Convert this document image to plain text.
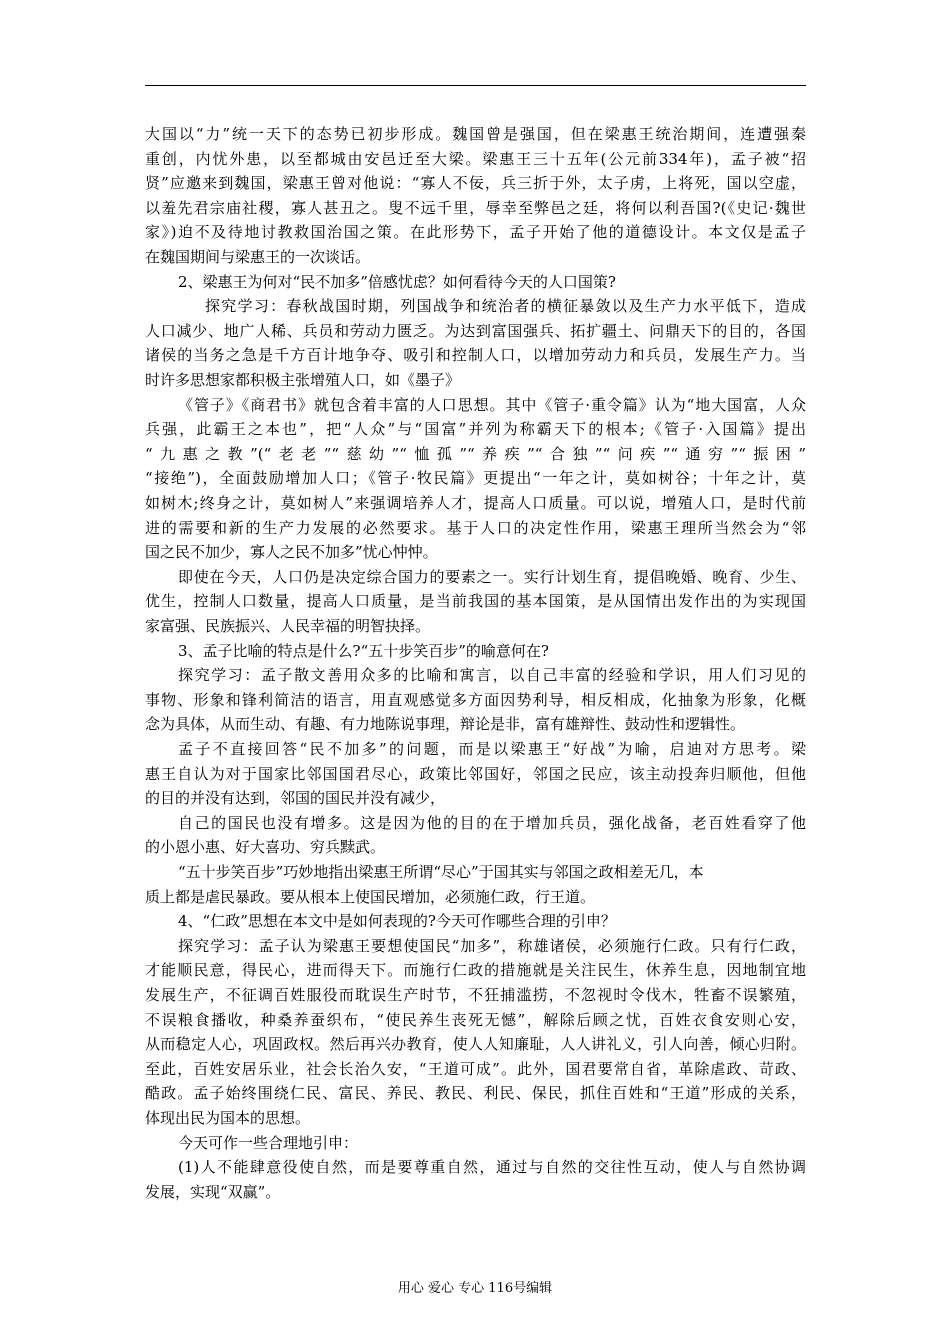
大国以“力”统一天下的态势已初步形成。魏国曾是强国，但在梁惠王统治期间，连遭强秦
重创，内忧外患，以至都城由安邑迁至大梁。梁惠王三十五年(公元前334年)，孟子被“招
贤”应邀来到魏国，梁惠王曾对他说：“寡人不佞，兵三折于外，太子虏，上将死，国以空虚，
以羞先君宗庙社稷，寡人甚丑之。叟不远千里，辱幸至弊邑之廷，将何以利吾国?(《史记·魏世
家》)迫不及待地讨教救国治国之策。在此形势下，孟子开始了他的道德设计。本文仅是孟子
在魏国期间与梁惠王的一次谈话。
2、梁惠王为何对“民不加多”倍感忧虑？如何看待今天的人口国策?
探究学习：春秋战国时期，列国战争和统治者的横征暴敛以及生产力水平低下，造成
人口减少、地广人稀、兵员和劳动力匮乏。为达到富国强兵、拓扩疆土、问鼎天下的目的，各国
诸侯的当务之急是千方百计地争夺、吸引和控制人口，以增加劳动力和兵员，发展生产力。当
时许多思想家都积极主张增殖人口，如《墨子》
《管子》《商君书》就包含着丰富的人口思想。其中《管子·重令篇》认为“地大国富，人众
兵强，此霸王之本也”，把“人众”与“国富”并列为称霸天下的根本;《管子·入国篇》提出
“九惠之教”(“老老”“慈幼”“恤孤”“养疾”“合独”“问疾”“通穷”“振困”
“接绝”)，全面鼓励增加人口；《管子·牧民篇》更提出“一年之计，莫如树谷；十年之计，莫
如树木;终身之计，莫如树人”来强调培养人才，提高人口质量。可以说，增殖人口，是时代前
进的需要和新的生产力发展的必然要求。基于人口的决定性作用，梁惠王理所当然会为“邻
国之民不加少，寡人之民不加多”忧心忡忡。
即使在今天，人口仍是决定综合国力的要素之一。实行计划生育，提倡晚婚、晚育、少生、
优生，控制人口数量，提高人口质量，是当前我国的基本国策，是从国情出发作出的为实现国
家富强、民族振兴、人民幸福的明智抉择。
3、孟子比喻的特点是什么?“五十步笑百步”的喻意何在?
探究学习：孟子散文善用众多的比喻和寓言，以自己丰富的经验和学识，用人们习见的
事物、形象和锋利简洁的语言，用直观感觉多方面因势利导，相反相成，化抽象为形象，化概
念为具体，从而生动、有趣、有力地陈说事理，辩论是非，富有雄辩性、鼓动性和逻辑性。
孟子不直接回答“民不加多”的问题，而是以梁惠王“好战”为喻，启迪对方思考。梁
惠王自认为对于国家比邻国国君尽心，政策比邻国好，邻国之民应，该主动投奔归顺他，但他
的目的并没有达到，邻国的国民并没有减少，
自己的国民也没有增多。这是因为他的目的在于增加兵员，强化战备，老百姓看穿了他
的小恩小惠、好大喜功、穷兵黩武。
“五十步笑百步”巧妙地指出梁惠王所谓“尽心”于国其实与邻国之政相差无几，本
质上都是虐民暴政。要从根本上使国民增加，必须施仁政，行王道。
4、“仁政”思想在本文中是如何表现的?今天可作哪些合理的引申？
探究学习：孟子认为梁惠王要想使国民“加多”，称雄诸侯，必须施行仁政。只有行仁政，
才能顺民意，得民心，进而得天下。而施行仁政的措施就是关注民生，休养生息，因地制宜地
发展生产，不征调百姓服役而耽误生产时节，不狂捕滥捞，不忽视时令伐木，牲畜不误繁殖，
不误粮食播收，种桑养蚕织布，“使民养生丧死无憾”，解除后顾之忧，百姓衣食安则心安，
从而稳定人心，巩固政权。然后再兴办教育，使人人知廉耻，人人讲礼义，引人向善，倾心归附。
至此，百姓安居乐业，社会长治久安，“王道可成”。此外，国君要常自省，革除虐政、苛政、
酷政。孟子始终围绕仁民、富民、养民、教民、利民、保民，抓住百姓和“王道”形成的关系，
体现出民为国本的思想。
今天可作一些合理地引申：
(1)人不能肆意役使自然，而是要尊重自然，通过与自然的交往性互动，使人与自然协调
发展，实现“双赢”。
用心 爱心 专心 116号编辑
